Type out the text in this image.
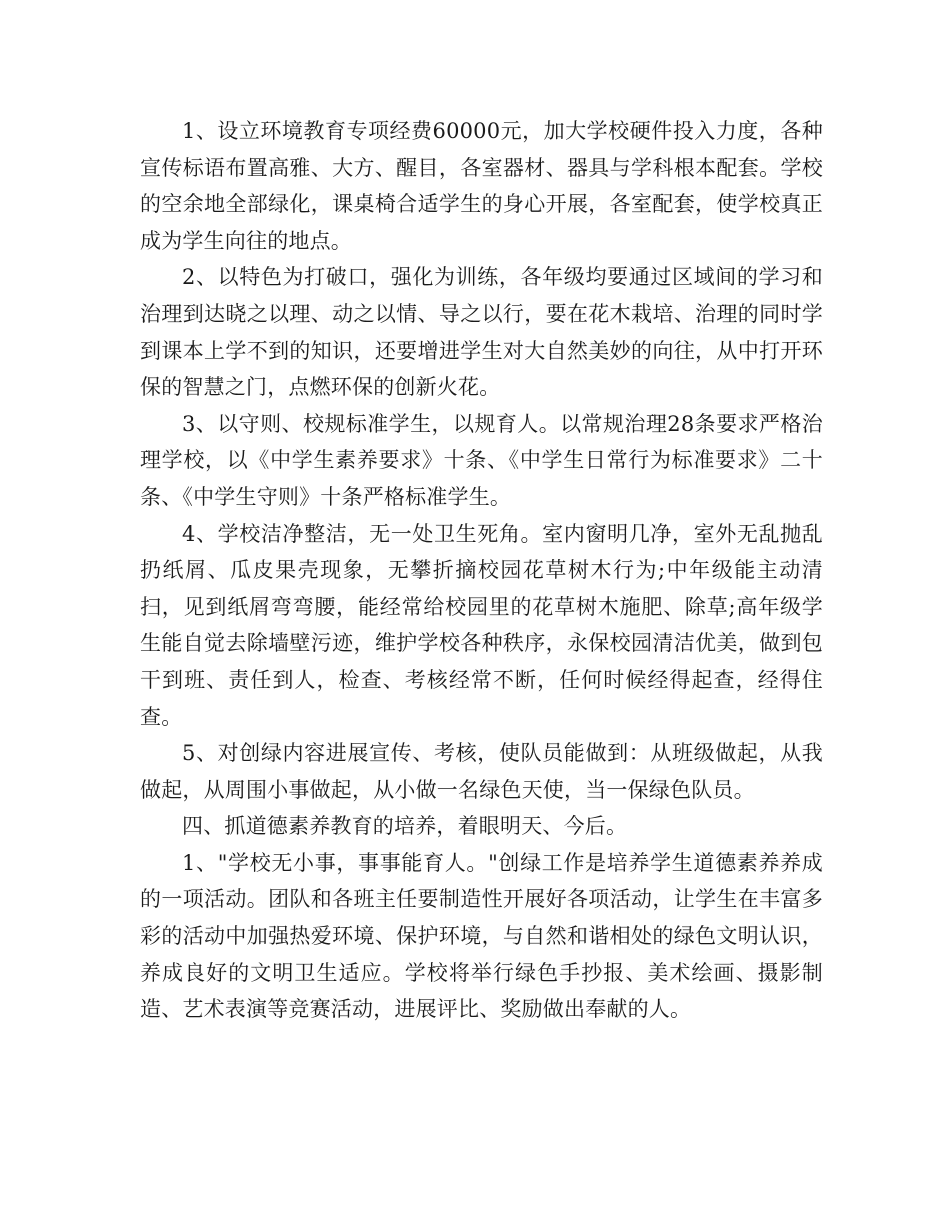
1、设立环境教育专项经费60000元，加大学校硬件投入力度，各种宣传标语布置高雅、大方、醒目，各室器材、器具与学科根本配套。学校的空余地全部绿化，课桌椅合适学生的身心开展，各室配套，使学校真正成为学生向往的地点。

2、以特色为打破口，强化为训练，各年级均要通过区域间的学习和治理到达晓之以理、动之以情、导之以行，要在花木栽培、治理的同时学到课本上学不到的知识，还要增进学生对大自然美妙的向往，从中打开环保的智慧之门，点燃环保的创新火花。

3、以守则、校规标准学生，以规育人。以常规治理28条要求严格治理学校，以《中学生素养要求》十条、《中学生日常行为标准要求》二十条、《中学生守则》十条严格标准学生。

4、学校洁净整洁，无一处卫生死角。室内窗明几净，室外无乱抛乱扔纸屑、瓜皮果壳现象，无攀折摘校园花草树木行为;中年级能主动清扫，见到纸屑弯弯腰，能经常给校园里的花草树木施肥、除草;高年级学生能自觉去除墙壁污迹，维护学校各种秩序，永保校园清洁优美，做到包干到班、责任到人，检查、考核经常不断，任何时候经得起查，经得住查。

5、对创绿内容进展宣传、考核，使队员能做到：从班级做起，从我做起，从周围小事做起，从小做一名绿色天使，当一保绿色队员。

四、抓道德素养教育的培养，着眼明天、今后。

1、"学校无小事，事事能育人。"创绿工作是培养学生道德素养养成的一项活动。团队和各班主任要制造性开展好各项活动，让学生在丰富多彩的活动中加强热爱环境、保护环境，与自然和谐相处的绿色文明认识，养成良好的文明卫生适应。学校将举行绿色手抄报、美术绘画、摄影制造、艺术表演等竞赛活动，进展评比、奖励做出奉献的人。
